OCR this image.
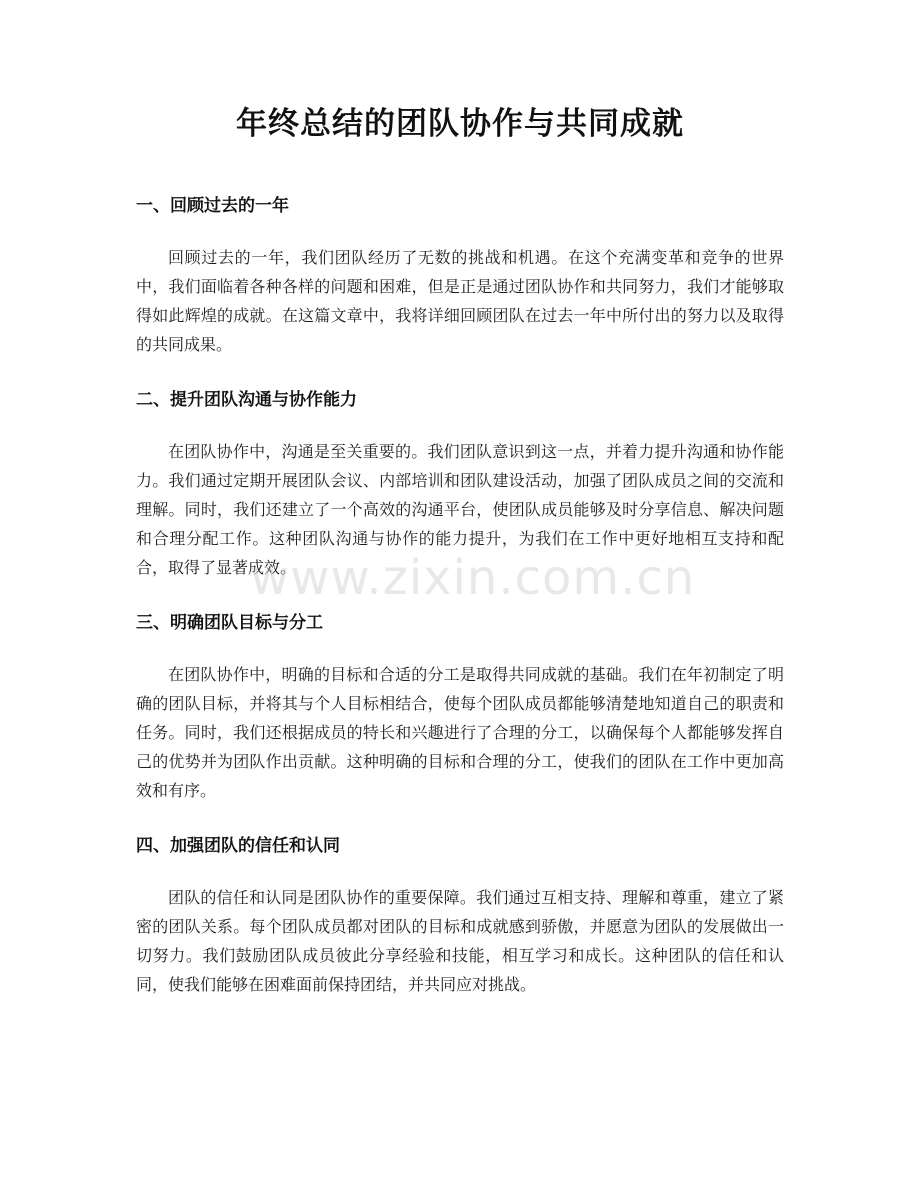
年终总结的团队协作与共同成就
一、回顾过去的一年

回顾过去的一年，我们团队经历了无数的挑战和机遇。在这个充满变革和竞争的世界中，我们面临着各种各样的问题和困难，但是正是通过团队协作和共同努力，我们才能够取得如此辉煌的成就。在这篇文章中，我将详细回顾团队在过去一年中所付出的努力以及取得的共同成果。

二、提升团队沟通与协作能力

在团队协作中，沟通是至关重要的。我们团队意识到这一点，并着力提升沟通和协作能力。我们通过定期开展团队会议、内部培训和团队建设活动，加强了团队成员之间的交流和理解。同时，我们还建立了一个高效的沟通平台，使团队成员能够及时分享信息、解决问题和合理分配工作。这种团队沟通与协作的能力提升，为我们在工作中更好地相互支持和配合，取得了显著成效。

三、明确团队目标与分工

在团队协作中，明确的目标和合适的分工是取得共同成就的基础。我们在年初制定了明确的团队目标，并将其与个人目标相结合，使每个团队成员都能够清楚地知道自己的职责和任务。同时，我们还根据成员的特长和兴趣进行了合理的分工，以确保每个人都能够发挥自己的优势并为团队作出贡献。这种明确的目标和合理的分工，使我们的团队在工作中更加高效和有序。

四、加强团队的信任和认同

团队的信任和认同是团队协作的重要保障。我们通过互相支持、理解和尊重，建立了紧密的团队关系。每个团队成员都对团队的目标和成就感到骄傲，并愿意为团队的发展做出一切努力。我们鼓励团队成员彼此分享经验和技能，相互学习和成长。这种团队的信任和认同，使我们能够在困难面前保持团结，并共同应对挑战。

www.zixin.com.cn
